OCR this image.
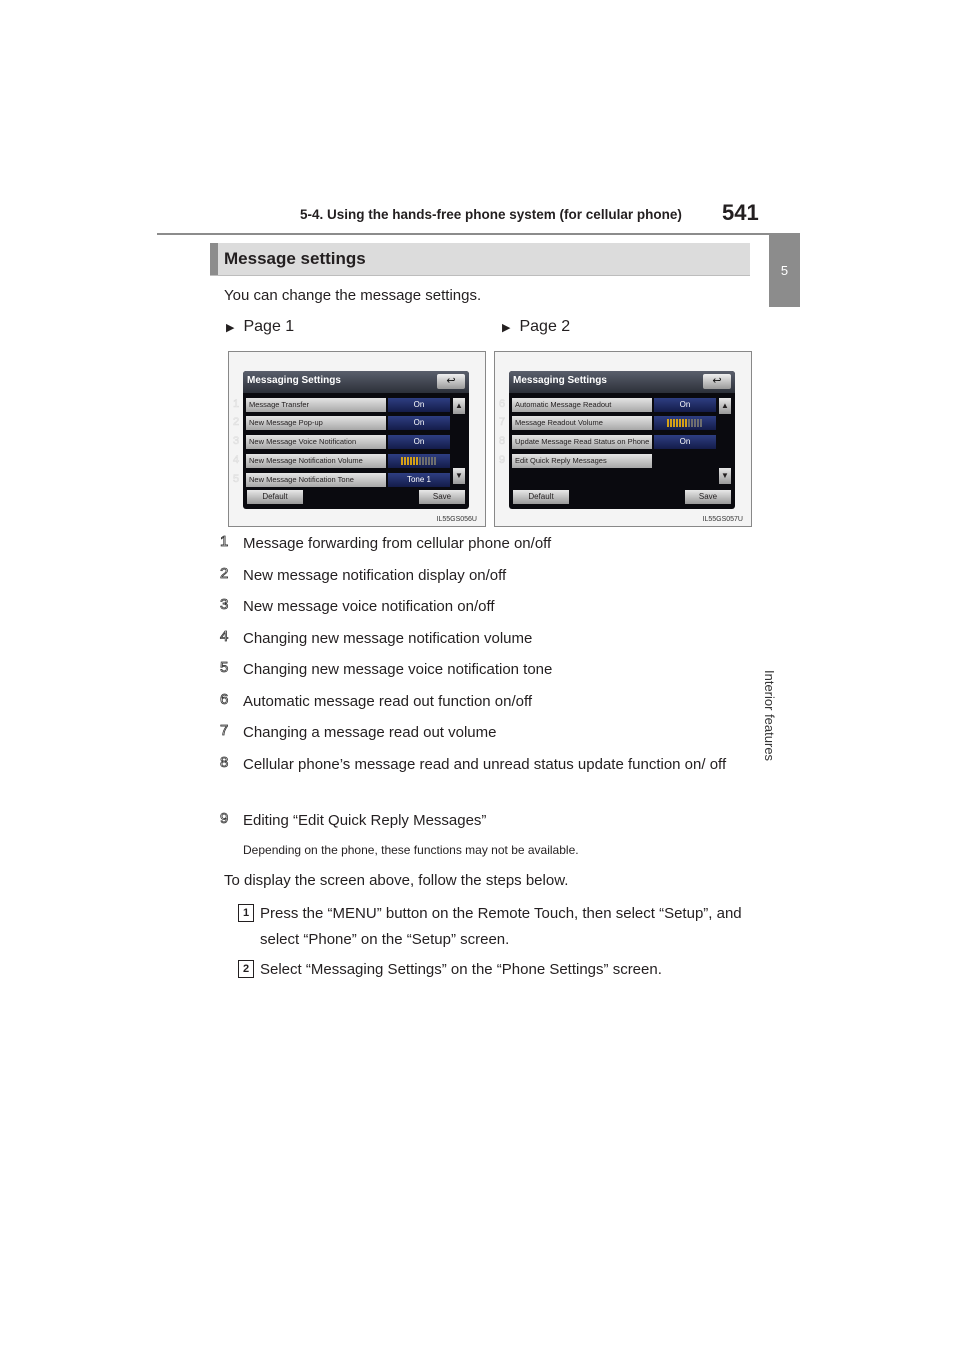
5-4. Using the hands-free phone system (for cellular phone) 541
5
Interior features
Message settings
You can change the message settings.
▶ Page 1	▶ Page 2
Messaging Settings	↩
Message Transfer	On
New Message Pop-up	On
New Message Voice Notification	On
New Message Notification Volume
New Message Notification Tone	Tone 1
▲
▼
Default	Save
IL55GS056U
1
2
3
4
5
Messaging Settings	↩
Automatic Message Readout	On
Message Readout Volume
Update Message Read Status on Phone	On
Edit Quick Reply Messages
▲
▼
Default	Save
IL55GS057U
6
7
8
9
1 Message forwarding from cellular phone on/off
2 New message notification display on/off
3 New message voice notification on/off
4 Changing new message notification volume
5 Changing new message voice notification tone
6 Automatic message read out function on/off
7 Changing a message read out volume
8 Cellular phone’s message read and unread status update function on/ off
9 Editing “Edit Quick Reply Messages”
Depending on the phone, these functions may not be available.
To display the screen above, follow the steps below.
1 Press the “MENU” button on the Remote Touch, then select “Setup”, and select “Phone” on the “Setup” screen.
2 Select “Messaging Settings” on the “Phone Settings” screen.
